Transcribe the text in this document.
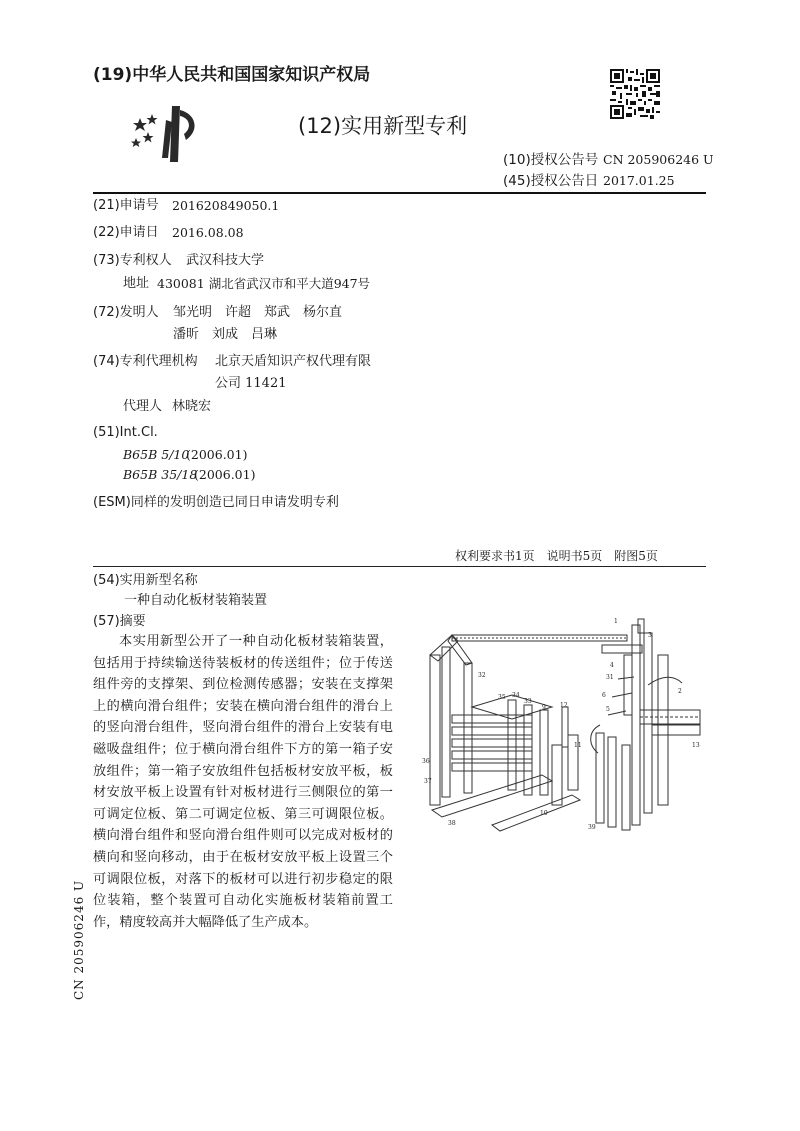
(19)中华人民共和国国家知识产权局
(12)实用新型专利
(10)授权公告号 CN 205906246 U
(45)授权公告日 2017.01.25
(21)申请号 201620849050.1
(22)申请日 2016.08.08
(73)专利权人 武汉科技大学
地址 430081 湖北省武汉市和平大道947号
(72)发明人 邹光明　许超　郑武　杨尔直
潘昕　刘成　吕琳
(74)专利代理机构 北京天盾知识产权代理有限
公司 11421
代理人 林晓宏
(51)Int.Cl.
B65B 5/10
(2006.01)
B65B 35/18
(2006.01)
(ESM)同样的发明创造已同日申请发明专利
权利要求书1页　说明书5页　附图5页
(54)实用新型名称
一种自动化板材装箱装置
(57)摘要
本实用新型公开了一种自动化板材装箱装置，包括用于持续输送待装板材的传送组件；位于传送组件旁的支撑架、到位检测传感器；安装在支撑架上的横向滑台组件；安装在横向滑台组件的滑台上的竖向滑台组件，竖向滑台组件的滑台上安装有电磁吸盘组件；位于横向滑台组件下方的第一箱子安放组件；第一箱子安放组件包括板材安放平板，板材安放平板上设置有针对板材进行三侧限位的第一可调定位板、第二可调定位板、第三可调限位板。横向滑台组件和竖向滑台组件则可以完成对板材的横向和竖向移动，由于在板材安放平板上设置三个可调限位板，对落下的板材可以进行初步稳定的限位装箱，整个装置可自动化实施板材装箱前置工作，精度较高并大幅降低了生产成本。
1
3
4
2
31
6
5
32
35 34
33
9 12
11
36
37
38
10
39
13
CN 205906246 U
